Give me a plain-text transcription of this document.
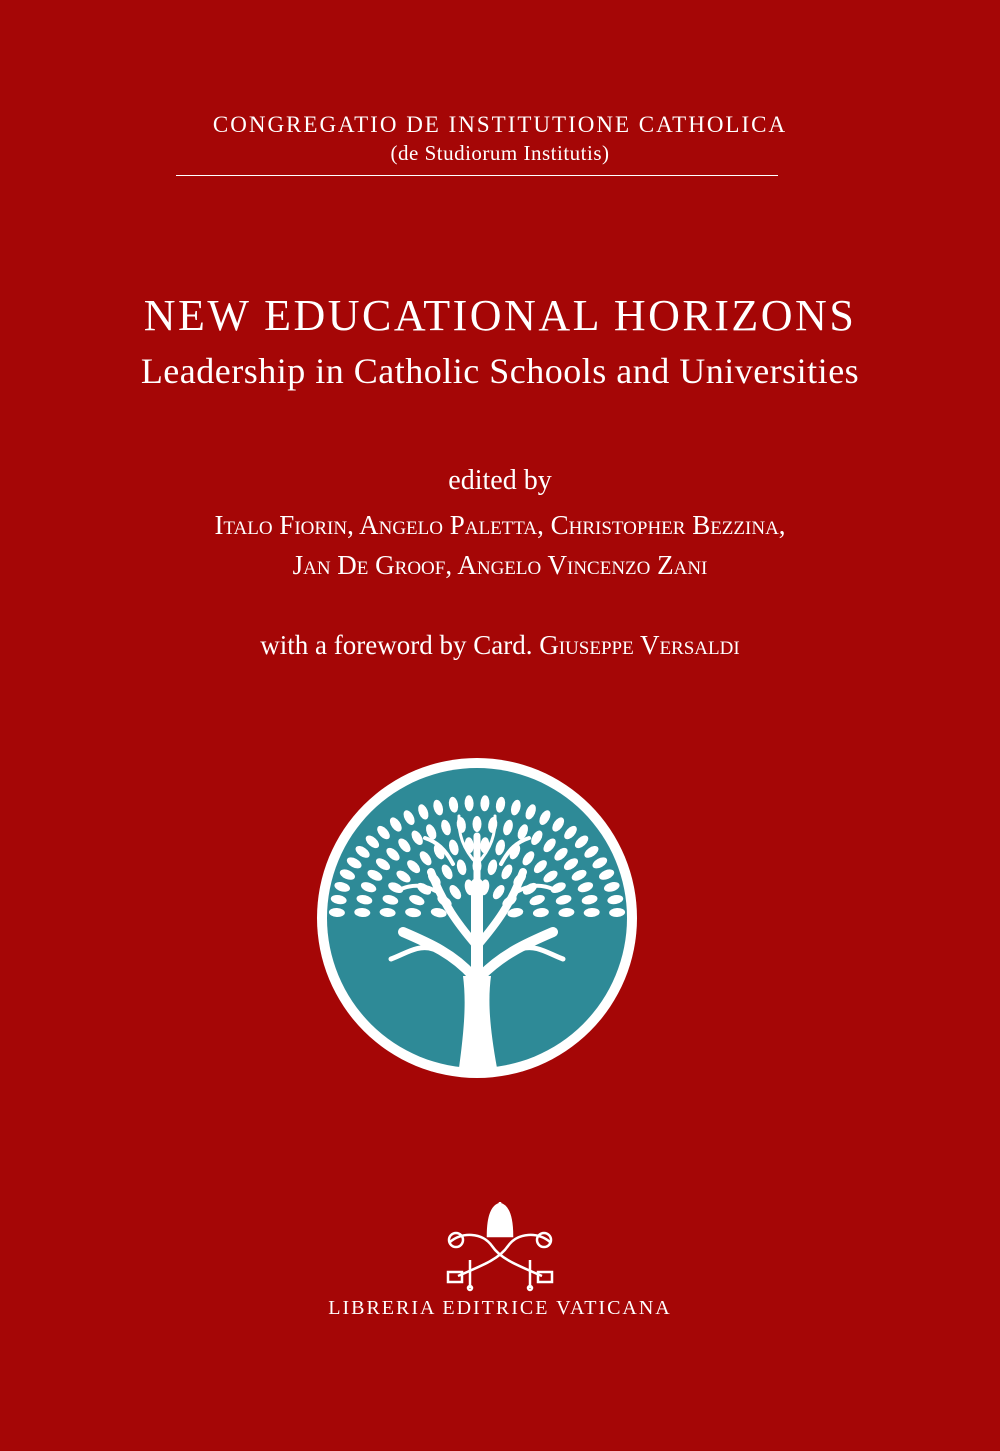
CONGREGATIO DE INSTITUTIONE CATHOLICA
(de Studiorum Institutis)
NEW EDUCATIONAL HORIZONS
Leadership in Catholic Schools and Universities
edited by
Italo Fiorin, Angelo Paletta, Christopher Bezzina,
Jan De Groof, Angelo Vincenzo Zani
with a foreword by Card. Giuseppe Versaldi
LIBRERIA EDITRICE VATICANA
